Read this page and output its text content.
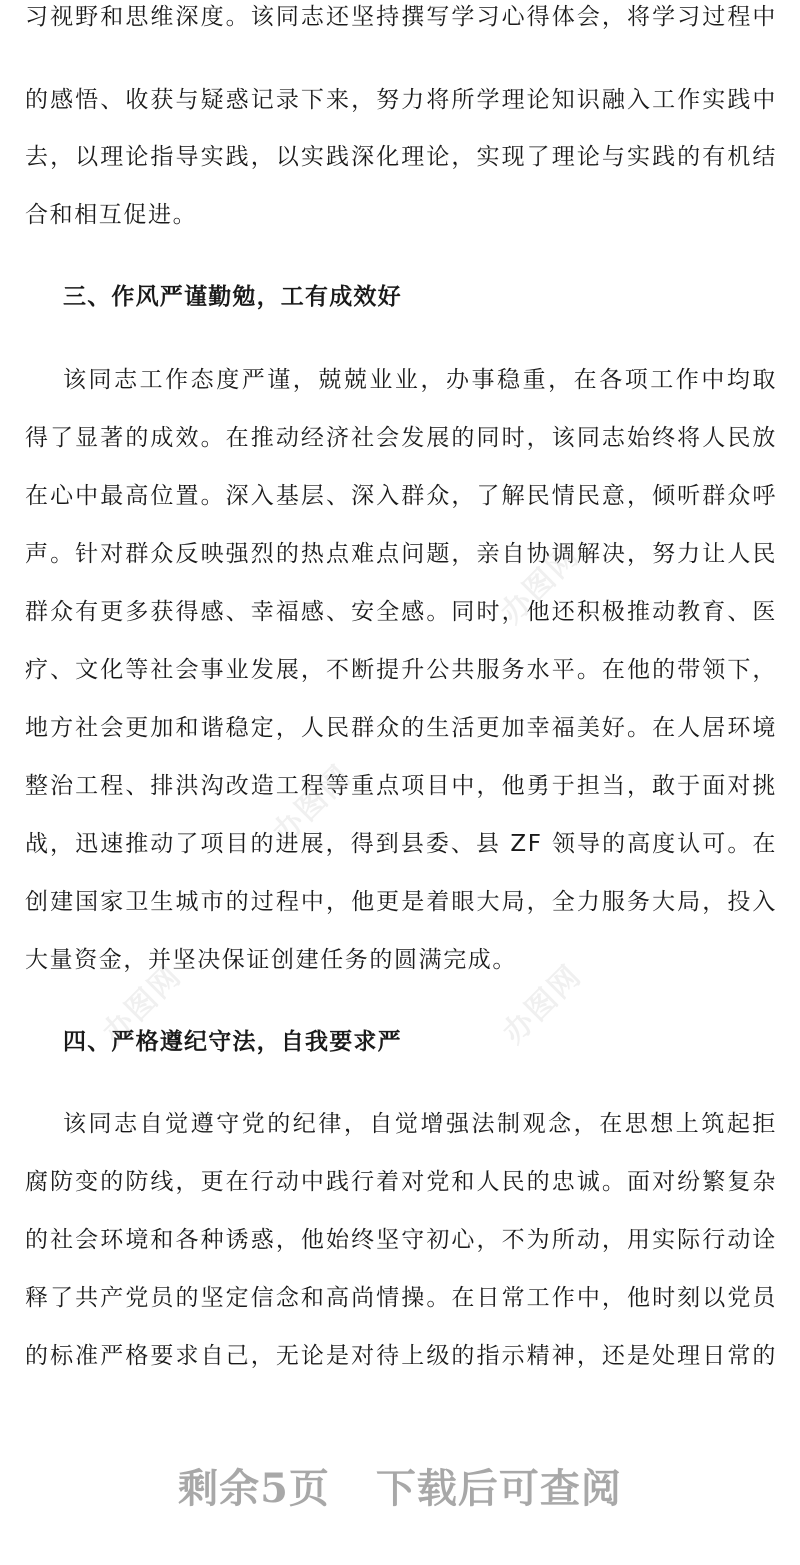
习视野和思维深度。该同志还坚持撰写学习心得体会，将学习过程中
的感悟、收获与疑惑记录下来，努力将所学理论知识融入工作实践中
去，以理论指导实践，以实践深化理论，实现了理论与实践的有机结
合和相互促进。
三、作风严谨勤勉，工有成效好
该同志工作态度严谨，兢兢业业，办事稳重，在各项工作中均取
得了显著的成效。在推动经济社会发展的同时，该同志始终将人民放
在心中最高位置。深入基层、深入群众，了解民情民意，倾听群众呼
声。针对群众反映强烈的热点难点问题，亲自协调解决，努力让人民
群众有更多获得感、幸福感、安全感。同时，他还积极推动教育、医
疗、文化等社会事业发展，不断提升公共服务水平。在他的带领下，
地方社会更加和谐稳定，人民群众的生活更加幸福美好。在人居环境
整治工程、排洪沟改造工程等重点项目中，他勇于担当，敢于面对挑
战，迅速推动了项目的进展，得到县委、县 ZF 领导的高度认可。在
创建国家卫生城市的过程中，他更是着眼大局，全力服务大局，投入
大量资金，并坚决保证创建任务的圆满完成。
四、严格遵纪守法，自我要求严
该同志自觉遵守党的纪律，自觉增强法制观念，在思想上筑起拒
腐防变的防线，更在行动中践行着对党和人民的忠诚。面对纷繁复杂
的社会环境和各种诱惑，他始终坚守初心，不为所动，用实际行动诠
释了共产党员的坚定信念和高尚情操。在日常工作中，他时刻以党员
的标准严格要求自己，无论是对待上级的指示精神，还是处理日常的
办图网
办图网
办图网	办图网
剩余5页 下载后可查阅
